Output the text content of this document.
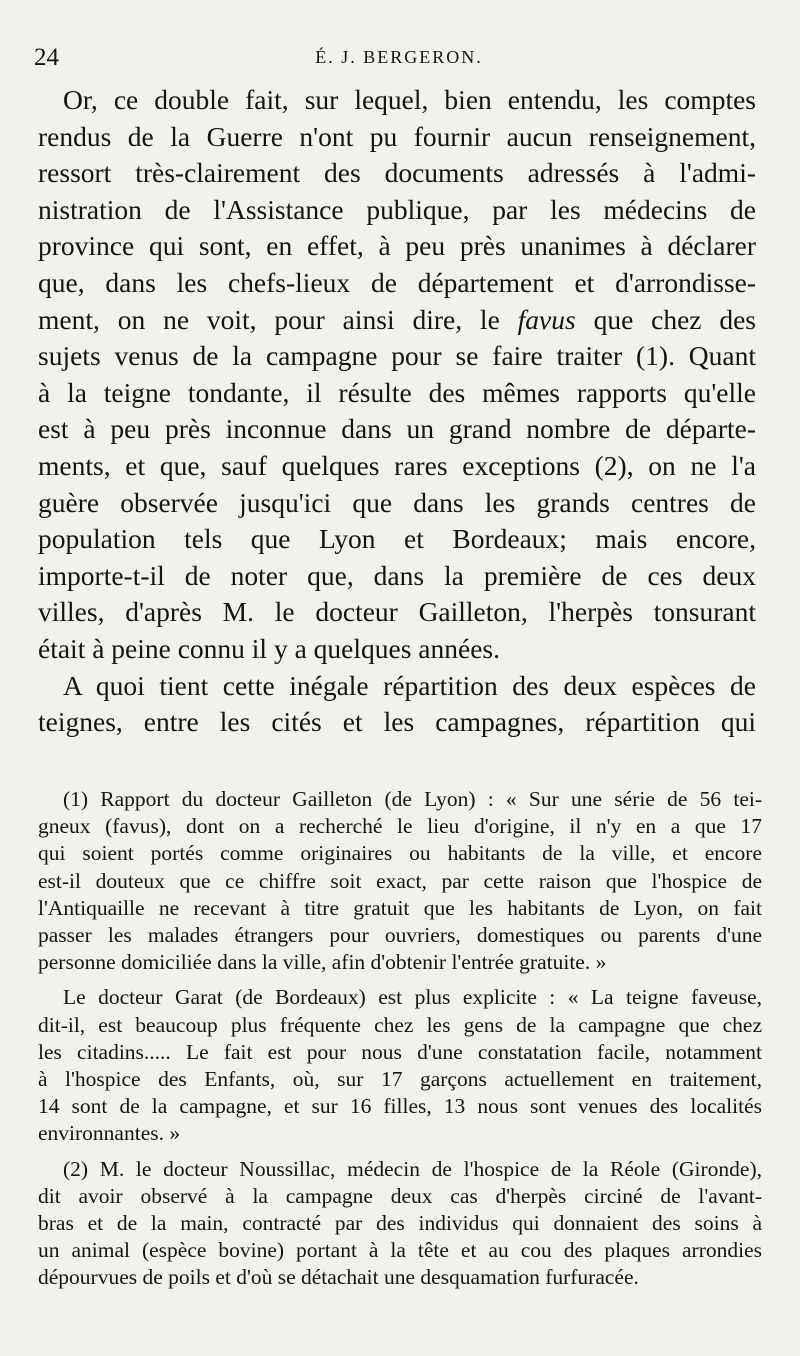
24	É. J. BERGERON.
Or, ce double fait, sur lequel, bien entendu, les comptes
rendus de la Guerre n'ont pu fournir aucun renseignement,
ressort très-clairement des documents adressés à l'admi-
nistration de l'Assistance publique, par les médecins de
province qui sont, en effet, à peu près unanimes à déclarer
que, dans les chefs-lieux de département et d'arrondisse-
ment, on ne voit, pour ainsi dire, le favus que chez des
sujets venus de la campagne pour se faire traiter (1). Quant
à la teigne tondante, il résulte des mêmes rapports qu'elle
est à peu près inconnue dans un grand nombre de départe-
ments, et que, sauf quelques rares exceptions (2), on ne l'a
guère observée jusqu'ici que dans les grands centres de
population tels que Lyon et Bordeaux; mais encore,
importe-t-il de noter que, dans la première de ces deux
villes, d'après M. le docteur Gailleton, l'herpès tonsurant
était à peine connu il y a quelques années.
A quoi tient cette inégale répartition des deux espèces de
teignes, entre les cités et les campagnes, répartition qui
(1) Rapport du docteur Gailleton (de Lyon) : « Sur une série de 56 tei-
gneux (favus), dont on a recherché le lieu d'origine, il n'y en a que 17
qui soient portés comme originaires ou habitants de la ville, et encore
est-il douteux que ce chiffre soit exact, par cette raison que l'hospice de
l'Antiquaille ne recevant à titre gratuit que les habitants de Lyon, on fait
passer les malades étrangers pour ouvriers, domestiques ou parents d'une
personne domiciliée dans la ville, afin d'obtenir l'entrée gratuite. »
Le docteur Garat (de Bordeaux) est plus explicite : « La teigne faveuse,
dit-il, est beaucoup plus fréquente chez les gens de la campagne que chez
les citadins..... Le fait est pour nous d'une constatation facile, notamment
à l'hospice des Enfants, où, sur 17 garçons actuellement en traitement,
14 sont de la campagne, et sur 16 filles, 13 nous sont venues des localités
environnantes. »
(2) M. le docteur Noussillac, médecin de l'hospice de la Réole (Gironde),
dit avoir observé à la campagne deux cas d'herpès circiné de l'avant-
bras et de la main, contracté par des individus qui donnaient des soins à
un animal (espèce bovine) portant à la tête et au cou des plaques arrondies
dépourvues de poils et d'où se détachait une desquamation furfuracée.
